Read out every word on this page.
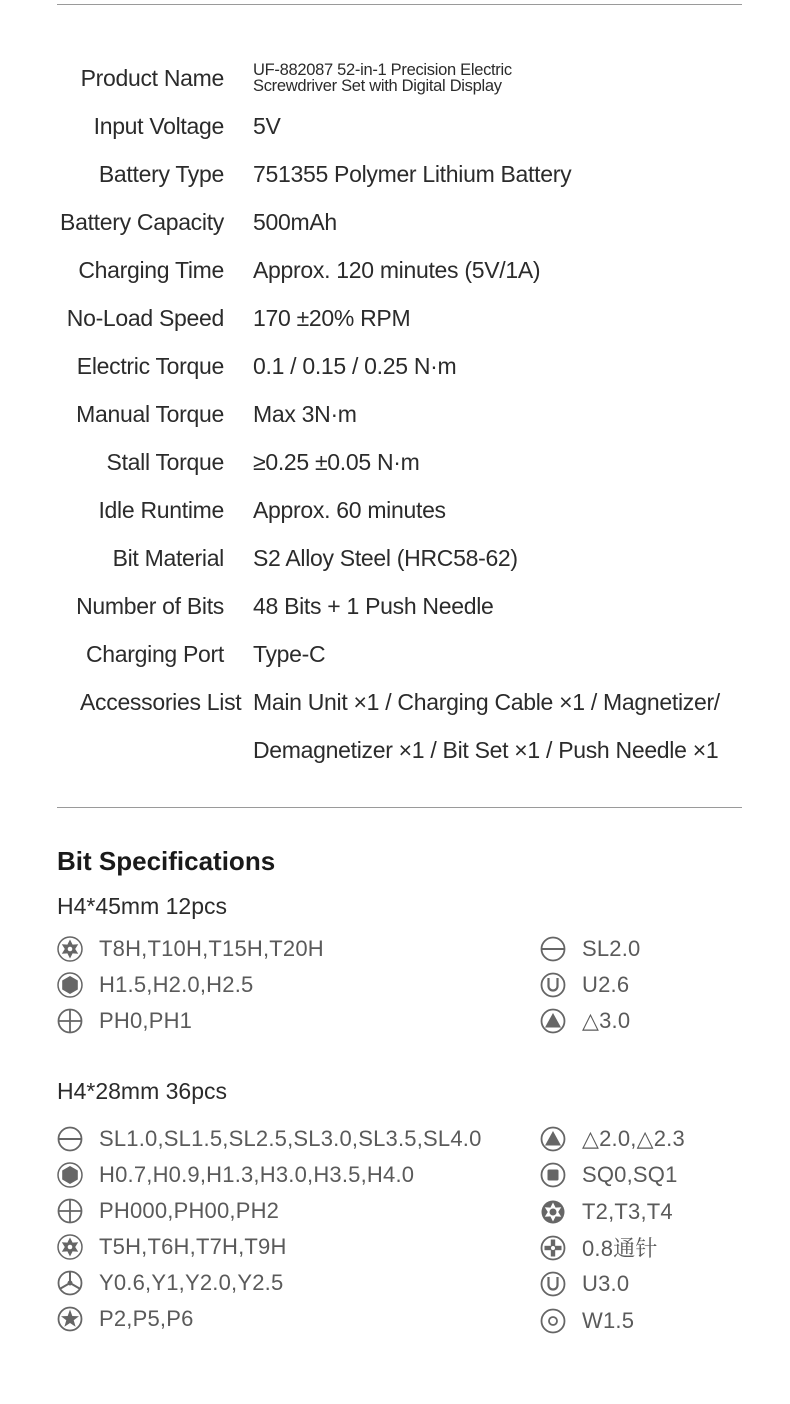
Product Name UF-882087 52-in-1 Precision Electric
Screwdriver Set with Digital Display
Input Voltage 5V
Battery Type 751355 Polymer Lithium Battery
Battery Capacity 500mAh
Charging Time Approx. 120 minutes (5V/1A)
No-Load Speed 170 ±20% RPM
Electric Torque 0.1 / 0.15 / 0.25 N·m
Manual Torque Max 3N·m
Stall Torque ≥0.25 ±0.05 N·m
Idle Runtime Approx. 60 minutes
Bit Material S2 Alloy Steel (HRC58-62)
Number of Bits 48 Bits + 1 Push Needle
Charging Port Type-C
Accessories List Main Unit ×1 / Charging Cable ×1 / Magnetizer/
Demagnetizer ×1 / Bit Set ×1 / Push Needle ×1
Bit Specifications
H4*45mm 12pcs
T8H,T10H,T15H,T20H
H1.5,H2.0,H2.5
PH0,PH1
SL2.0
U2.6
△3.0
H4*28mm 36pcs
SL1.0,SL1.5,SL2.5,SL3.0,SL3.5,SL4.0
H0.7,H0.9,H1.3,H3.0,H3.5,H4.0
PH000,PH00,PH2
T5H,T6H,T7H,T9H
Y0.6,Y1,Y2.0,Y2.5
P2,P5,P6
△2.0,△2.3
SQ0,SQ1
T2,T3,T4
0.8通针
U3.0
W1.5
